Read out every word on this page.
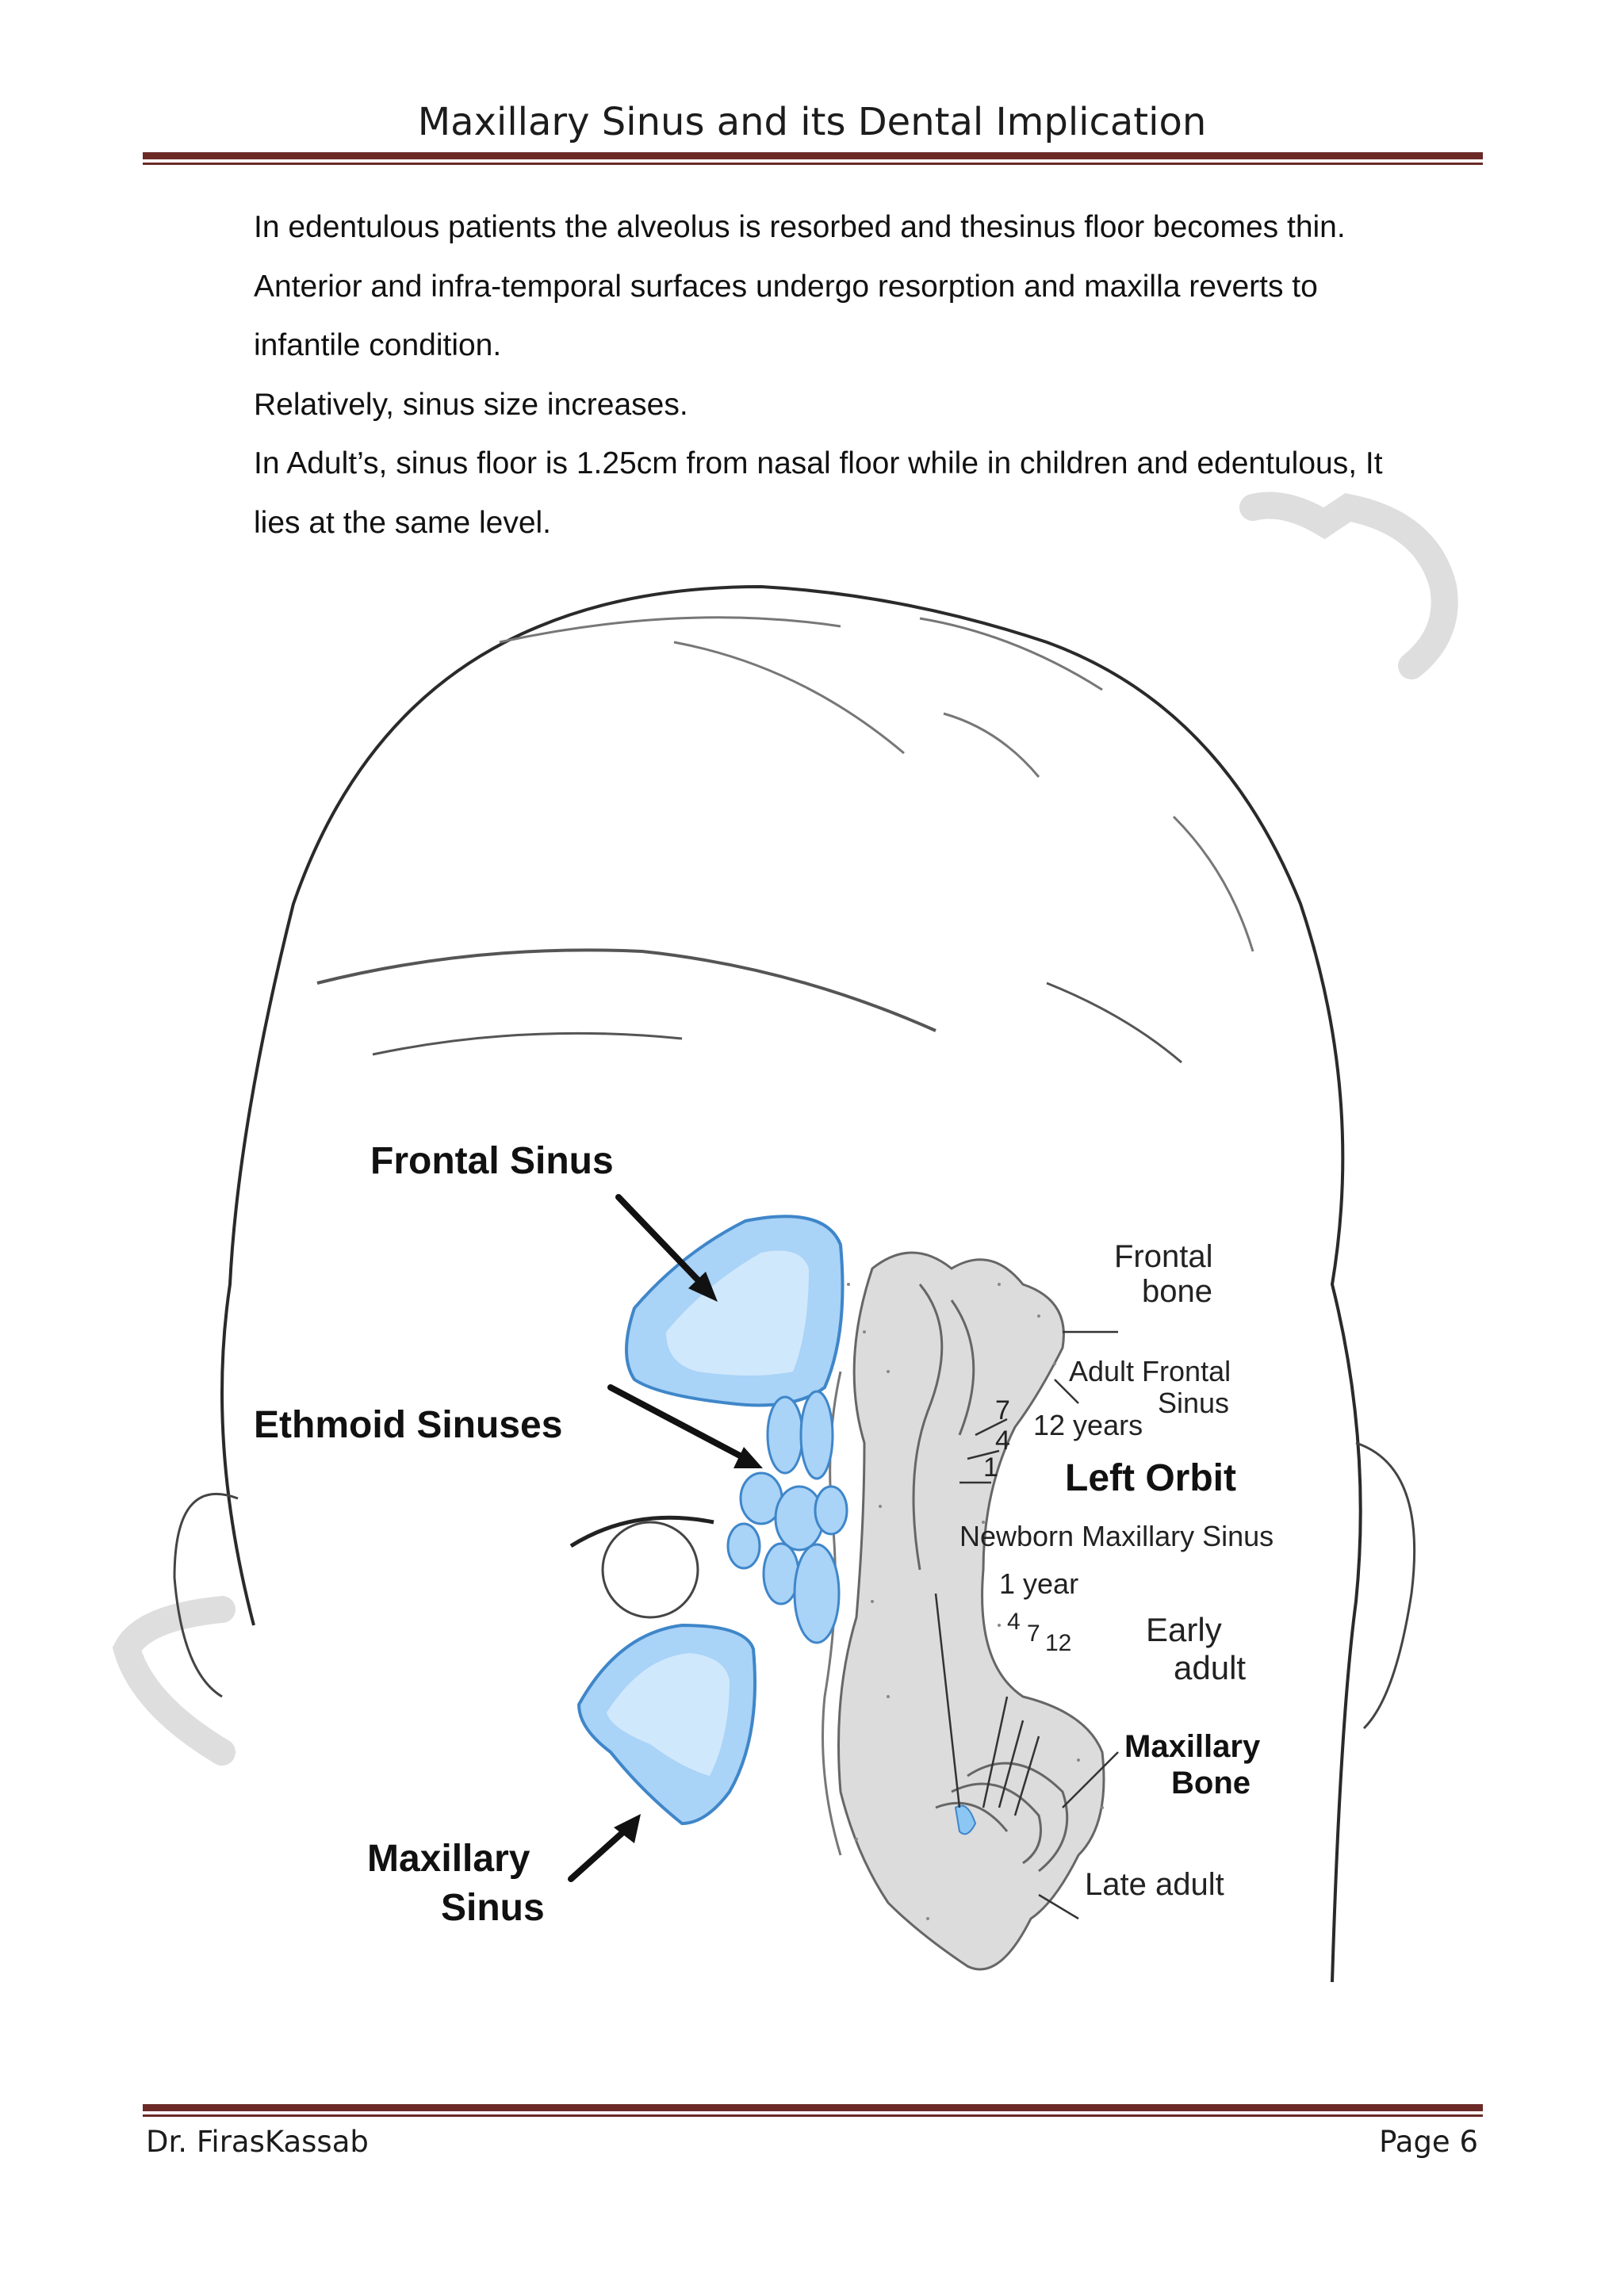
Maxillary Sinus and its Dental Implication

In edentulous patients the alveolus is resorbed and thesinus floor becomes thin.

Anterior and infra-temporal surfaces undergo resorption and maxilla reverts to

infantile condition.

Relatively, sinus size increases.

In Adult’s, sinus floor is 1.25cm from nasal floor while in children and edentulous, It

lies at the same level.

Frontal Sinus
Ethmoid Sinuses
Maxillary
Sinus
Left Orbit
Maxillary
Bone
Frontal
bone
Adult Frontal
Sinus
12 years
7
4
1
Newborn Maxillary Sinus
1 year
4 7 12 Early
adult
Late adult
Dr. FirasKassab	Page 6
